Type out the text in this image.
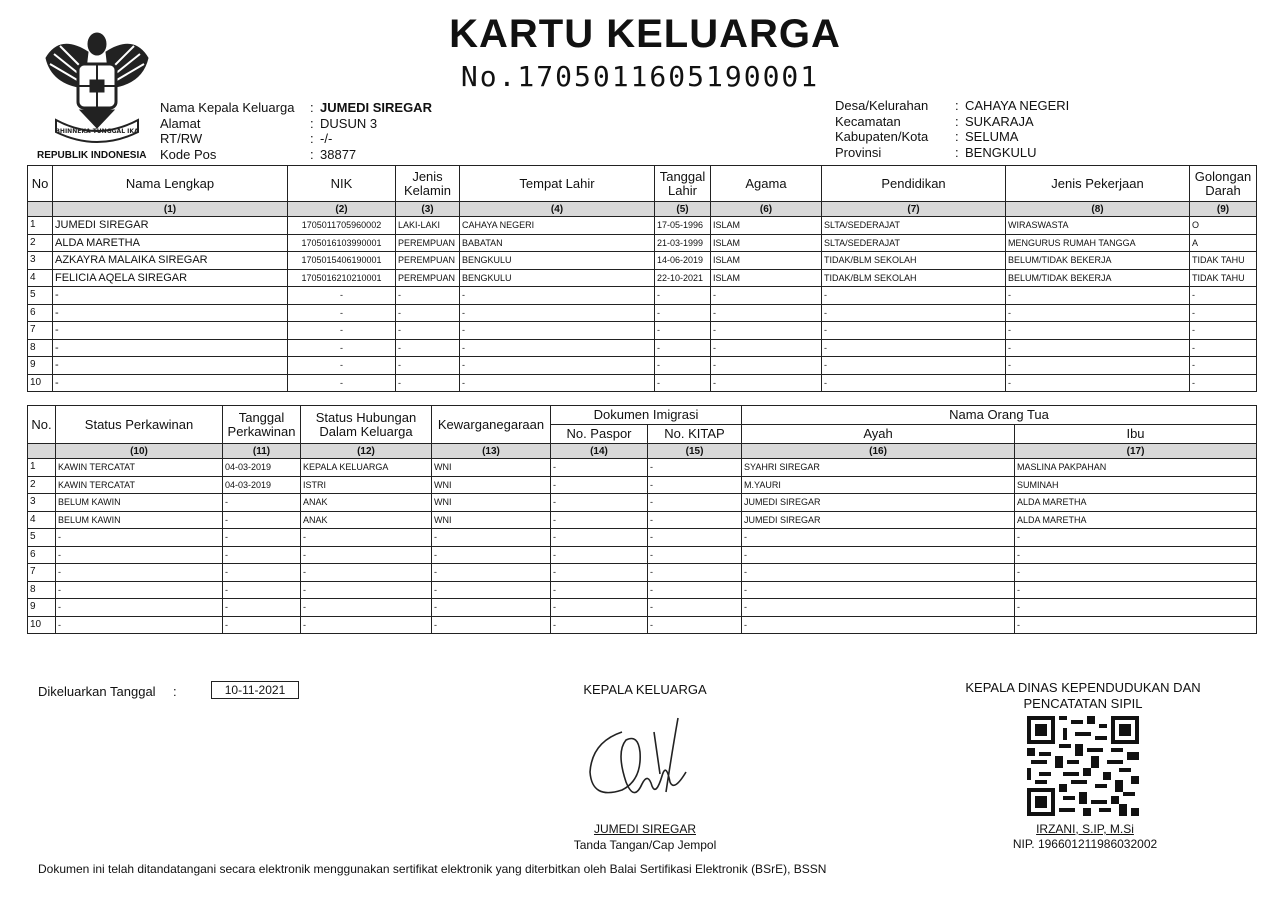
KARTU KELUARGA
No.1705011605190001
BHINNEKA TUNGGAL IKA
REPUBLIK INDONESIA
Nama Kepala Keluarga : JUMEDI SIREGAR
Alamat	: DUSUN 3
RT/RW	: -/-
Kode Pos	: 38877
Desa/Kelurahan : CAHAYA NEGERI
Kecamatan	: SUKARAJA
Kabupaten/Kota : SELUMA
Provinsi	: BENGKULU
No	Nama Lengkap	NIK	Jenis Kelamin	Tempat Lahir	Tanggal Lahir	Agama	Pendidikan	Jenis Pekerjaan	Golongan Darah
	(1)	(2)	(3)	(4)	(5)	(6)	(7)	(8)	(9)
1	JUMEDI SIREGAR	1705011705960002	LAKI-LAKI	CAHAYA NEGERI	17-05-1996	ISLAM	SLTA/SEDERAJAT	WIRASWASTA	O
2	ALDA MARETHA	1705016103990001	PEREMPUAN	BABATAN	21-03-1999	ISLAM	SLTA/SEDERAJAT	MENGURUS RUMAH TANGGA	A
3	AZKAYRA MALAIKA SIREGAR	1705015406190001	PEREMPUAN	BENGKULU	14-06-2019	ISLAM	TIDAK/BLM SEKOLAH	BELUM/TIDAK BEKERJA	TIDAK TAHU
4	FELICIA AQELA SIREGAR	1705016210210001	PEREMPUAN	BENGKULU	22-10-2021	ISLAM	TIDAK/BLM SEKOLAH	BELUM/TIDAK BEKERJA	TIDAK TAHU
5	-	-	-	-	-	-	-	-	-
6	-	-	-	-	-	-	-	-	-
7	-	-	-	-	-	-	-	-	-
8	-	-	-	-	-	-	-	-	-
9	-	-	-	-	-	-	-	-	-
10	-	-	-	-	-	-	-	-	-
No.	Status Perkawinan	Tanggal Perkawinan	Status Hubungan Dalam Keluarga	Kewarganegaraan	Dokumen Imigrasi		Nama Orang Tua	
					No. Paspor	No. KITAP	Ayah	Ibu
	(10)	(11)	(12)	(13)	(14)	(15)	(16)	(17)
1	KAWIN TERCATAT	04-03-2019	KEPALA KELUARGA	WNI	-	-	SYAHRI SIREGAR	MASLINA PAKPAHAN
2	KAWIN TERCATAT	04-03-2019	ISTRI	WNI	-	-	M.YAURI	SUMINAH
3	BELUM KAWIN	-	ANAK	WNI	-	-	JUMEDI SIREGAR	ALDA MARETHA
4	BELUM KAWIN	-	ANAK	WNI	-	-	JUMEDI SIREGAR	ALDA MARETHA
5	-	-	-	-	-	-	-	-
6	-	-	-	-	-	-	-	-
7	-	-	-	-	-	-	-	-
8	-	-	-	-	-	-	-	-
9	-	-	-	-	-	-	-	-
10	-	-	-	-	-	-	-	-
Dikeluarkan Tanggal :	10-11-2021	KEPALA KELUARGA
JUMEDI SIREGAR
Tanda Tangan/Cap Jempol
KEPALA DINAS KEPENDUDUKAN DAN PENCATATAN SIPIL
IRZANI, S.IP, M.Si
NIP. 196601211986032002
Dokumen ini telah ditandatangani secara elektronik menggunakan sertifikat elektronik yang diterbitkan oleh Balai Sertifikasi Elektronik (BSrE), BSSN
